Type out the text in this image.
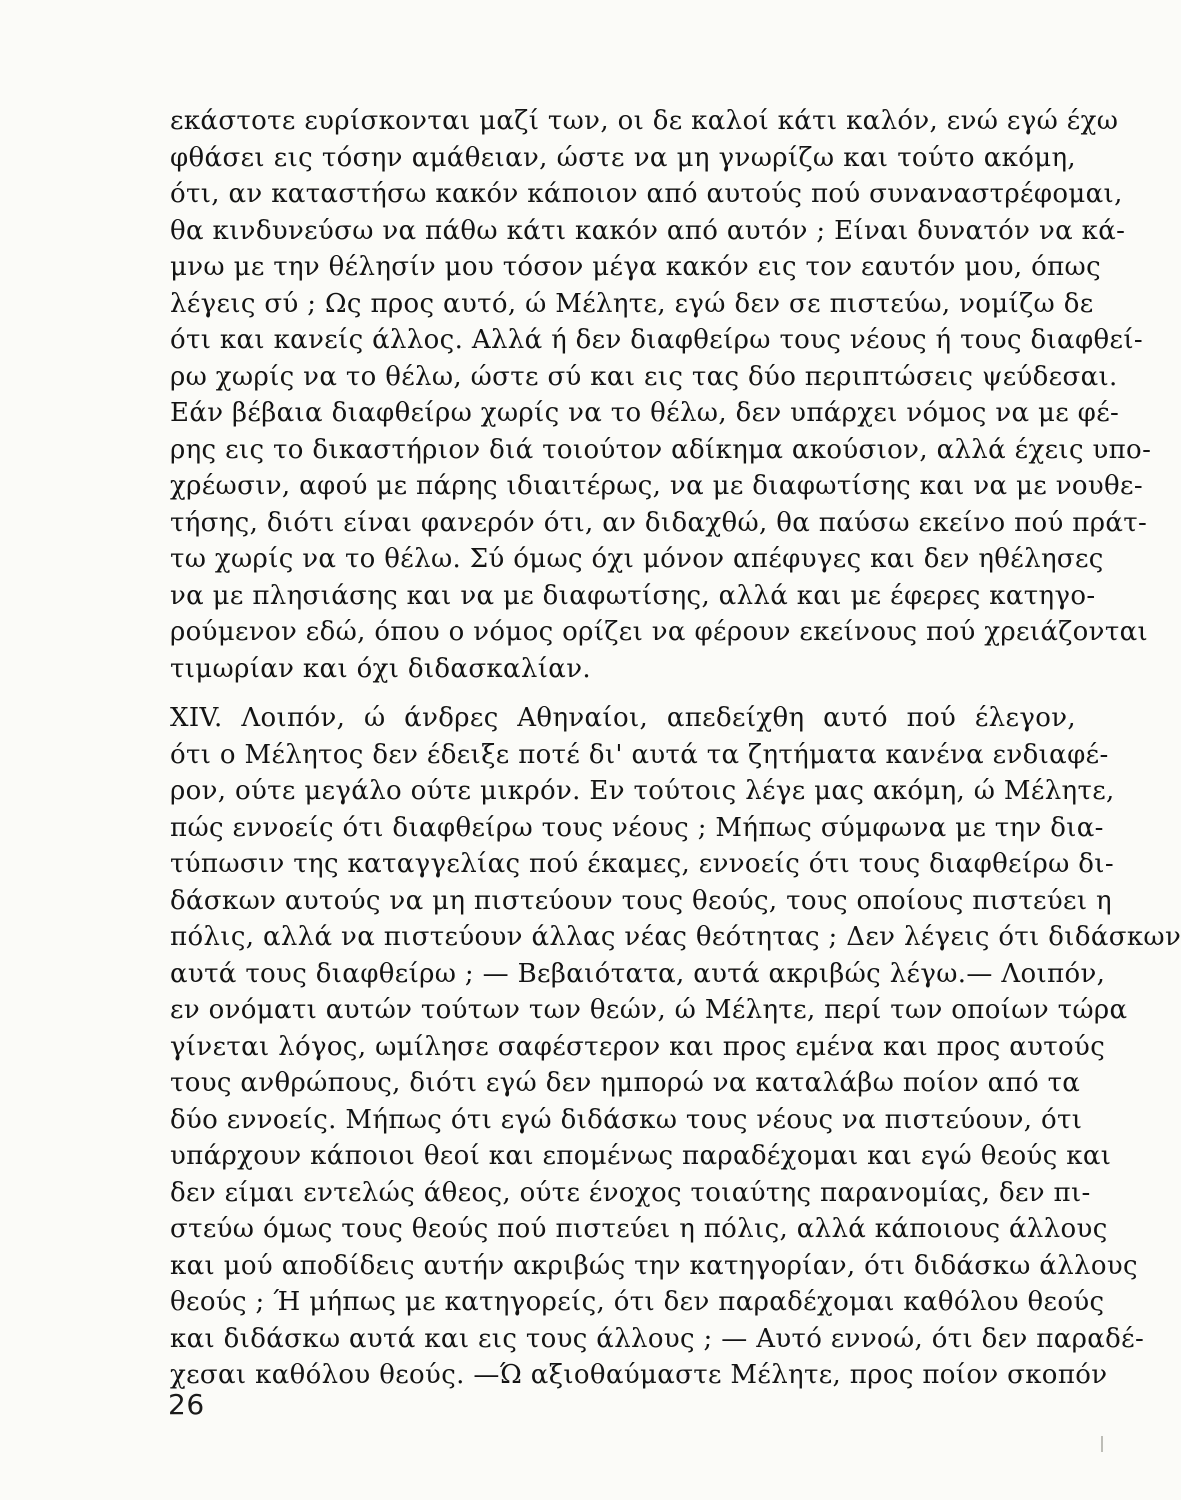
εκάστοτε ευρίσκονται μαζί των, οι δε καλοί κάτι καλόν, ενώ εγώ έχω
φθάσει εις τόσην αμάθειαν, ώστε να μη γνωρίζω και τούτο ακόμη,
ότι, αν καταστήσω κακόν κάποιον από αυτούς πού συναναστρέφομαι,
θα κινδυνεύσω να πάθω κάτι κακόν από αυτόν ; Είναι δυνατόν να κά-
μνω με την θέλησίν μου τόσον μέγα κακόν εις τον εαυτόν μου, όπως
λέγεις σύ ; Ως προς αυτό, ώ Μέλητε, εγώ δεν σε πιστεύω, νομίζω δε
ότι και κανείς άλλος. Αλλά ή δεν διαφθείρω τους νέους ή τους διαφθεί-
ρω χωρίς να το θέλω, ώστε σύ και εις τας δύο περιπτώσεις ψεύδεσαι.
Εάν βέβαια διαφθείρω χωρίς να το θέλω, δεν υπάρχει νόμος να με φέ-
ρης εις το δικαστήριον διά τοιούτον αδίκημα ακούσιον, αλλά έχεις υπο-
χρέωσιν, αφού με πάρης ιδιαιτέρως, να με διαφωτίσης και να με νουθε-
τήσης, διότι είναι φανερόν ότι, αν διδαχθώ, θα παύσω εκείνο πού πράτ-
τω χωρίς να το θέλω. Σύ όμως όχι μόνον απέφυγες και δεν ηθέλησες
να με πλησιάσης και να με διαφωτίσης, αλλά και με έφερες κατηγο-
ρούμενον εδώ, όπου ο νόμος ορίζει να φέρουν εκείνους πού χρειάζονται
τιμωρίαν και όχι διδασκαλίαν.
XIV. Λοιπόν, ώ άνδρες Αθηναίοι, απεδείχθη αυτό πού έλεγον,
ότι ο Μέλητος δεν έδειξε ποτέ δι' αυτά τα ζητήματα κανένα ενδιαφέ-
ρον, ούτε μεγάλο ούτε μικρόν. Εν τούτοις λέγε μας ακόμη, ώ Μέλητε,
πώς εννοείς ότι διαφθείρω τους νέους ; Μήπως σύμφωνα με την δια-
τύπωσιν της καταγγελίας πού έκαμες, εννοείς ότι τους διαφθείρω δι-
δάσκων αυτούς να μη πιστεύουν τους θεούς, τους οποίους πιστεύει η
πόλις, αλλά να πιστεύουν άλλας νέας θεότητας ; Δεν λέγεις ότι διδάσκων
αυτά τους διαφθείρω ; — Βεβαιότατα, αυτά ακριβώς λέγω.— Λοιπόν,
εν ονόματι αυτών τούτων των θεών, ώ Μέλητε, περί των οποίων τώρα
γίνεται λόγος, ωμίλησε σαφέστερον και προς εμένα και προς αυτούς
τους ανθρώπους, διότι εγώ δεν ημπορώ να καταλάβω ποίον από τα
δύο εννοείς. Μήπως ότι εγώ διδάσκω τους νέους να πιστεύουν, ότι
υπάρχουν κάποιοι θεοί και επομένως παραδέχομαι και εγώ θεούς και
δεν είμαι εντελώς άθεος, ούτε ένοχος τοιαύτης παρανομίας, δεν πι-
στεύω όμως τους θεούς πού πιστεύει η πόλις, αλλά κάποιους άλλους
και μού αποδίδεις αυτήν ακριβώς την κατηγορίαν, ότι διδάσκω άλλους
θεούς ; Ή μήπως με κατηγορείς, ότι δεν παραδέχομαι καθόλου θεούς
και διδάσκω αυτά και εις τους άλλους ; — Αυτό εννοώ, ότι δεν παραδέ-
χεσαι καθόλου θεούς. —Ώ αξιοθαύμαστε Μέλητε, προς ποίον σκοπόν
26
